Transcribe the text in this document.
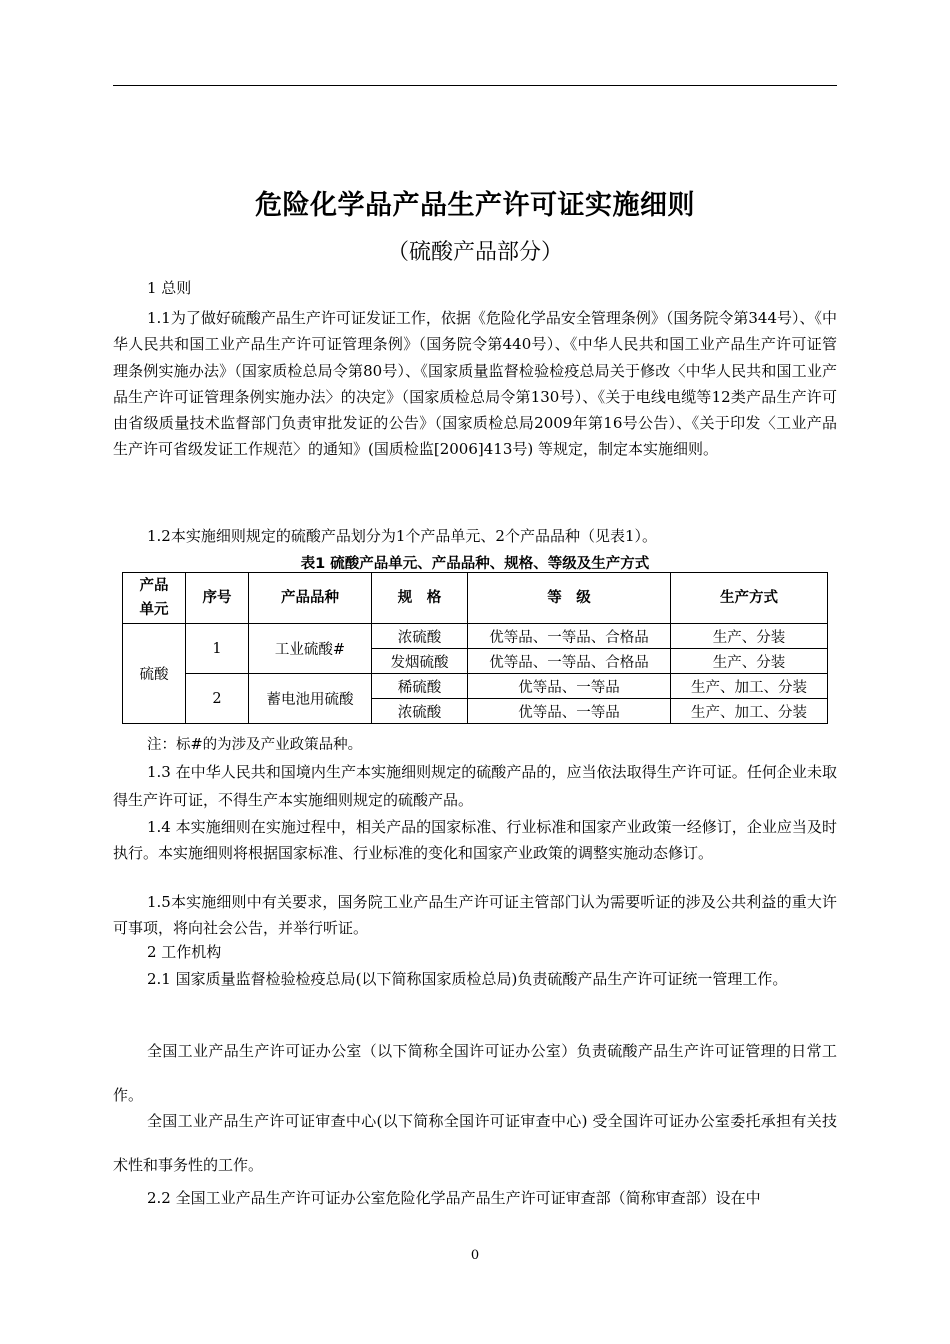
危险化学品产品生产许可证实施细则
（硫酸产品部分）

1 总则

1.1为了做好硫酸产品生产许可证发证工作，依据《危险化学品安全管理条例》（国务院令第344号）、《中华人民共和国工业产品生产许可证管理条例》（国务院令第440号）、《中华人民共和国工业产品生产许可证管理条例实施办法》（国家质检总局令第80号）、《国家质量监督检验检疫总局关于修改〈中华人民共和国工业产品生产许可证管理条例实施办法〉的决定》（国家质检总局令第130号）、《关于电线电缆等12类产品生产许可由省级质量技术监督部门负责审批发证的公告》（国家质检总局2009年第16号公告）、《关于印发〈工业产品生产许可省级发证工作规范〉的通知》(国质检监[2006]413号) 等规定，制定本实施细则。

1.2本实施细则规定的硫酸产品划分为1个产品单元、2个产品品种（见表1）。

表1 硫酸产品单元、产品品种、规格、等级及生产方式
产品
单元	序号	产品品种	规　格	等　级	生产方式
硫酸	1	工业硫酸#	浓硫酸	优等品、一等品、合格品	生产、分装
			发烟硫酸	优等品、一等品、合格品	生产、分装
	2	蓄电池用硫酸	稀硫酸	优等品、一等品	生产、加工、分装
			浓硫酸	优等品、一等品	生产、加工、分装

注：标#的为涉及产业政策品种。

1.3 在中华人民共和国境内生产本实施细则规定的硫酸产品的，应当依法取得生产许可证。任何企业未取得生产许可证，不得生产本实施细则规定的硫酸产品。

1.4 本实施细则在实施过程中，相关产品的国家标准、行业标准和国家产业政策一经修订，企业应当及时执行。本实施细则将根据国家标准、行业标准的变化和国家产业政策的调整实施动态修订。

1.5本实施细则中有关要求，国务院工业产品生产许可证主管部门认为需要听证的涉及公共利益的重大许可事项，将向社会公告，并举行听证。

2 工作机构

2.1 国家质量监督检验检疫总局(以下简称国家质检总局)负责硫酸产品生产许可证统一管理工作。

全国工业产品生产许可证办公室（以下简称全国许可证办公室）负责硫酸产品生产许可证管理的日常工作。

全国工业产品生产许可证审查中心(以下简称全国许可证审查中心) 受全国许可证办公室委托承担有关技术性和事务性的工作。

2.2 全国工业产品生产许可证办公室危险化学品产品生产许可证审查部（简称审查部）设在中

0
